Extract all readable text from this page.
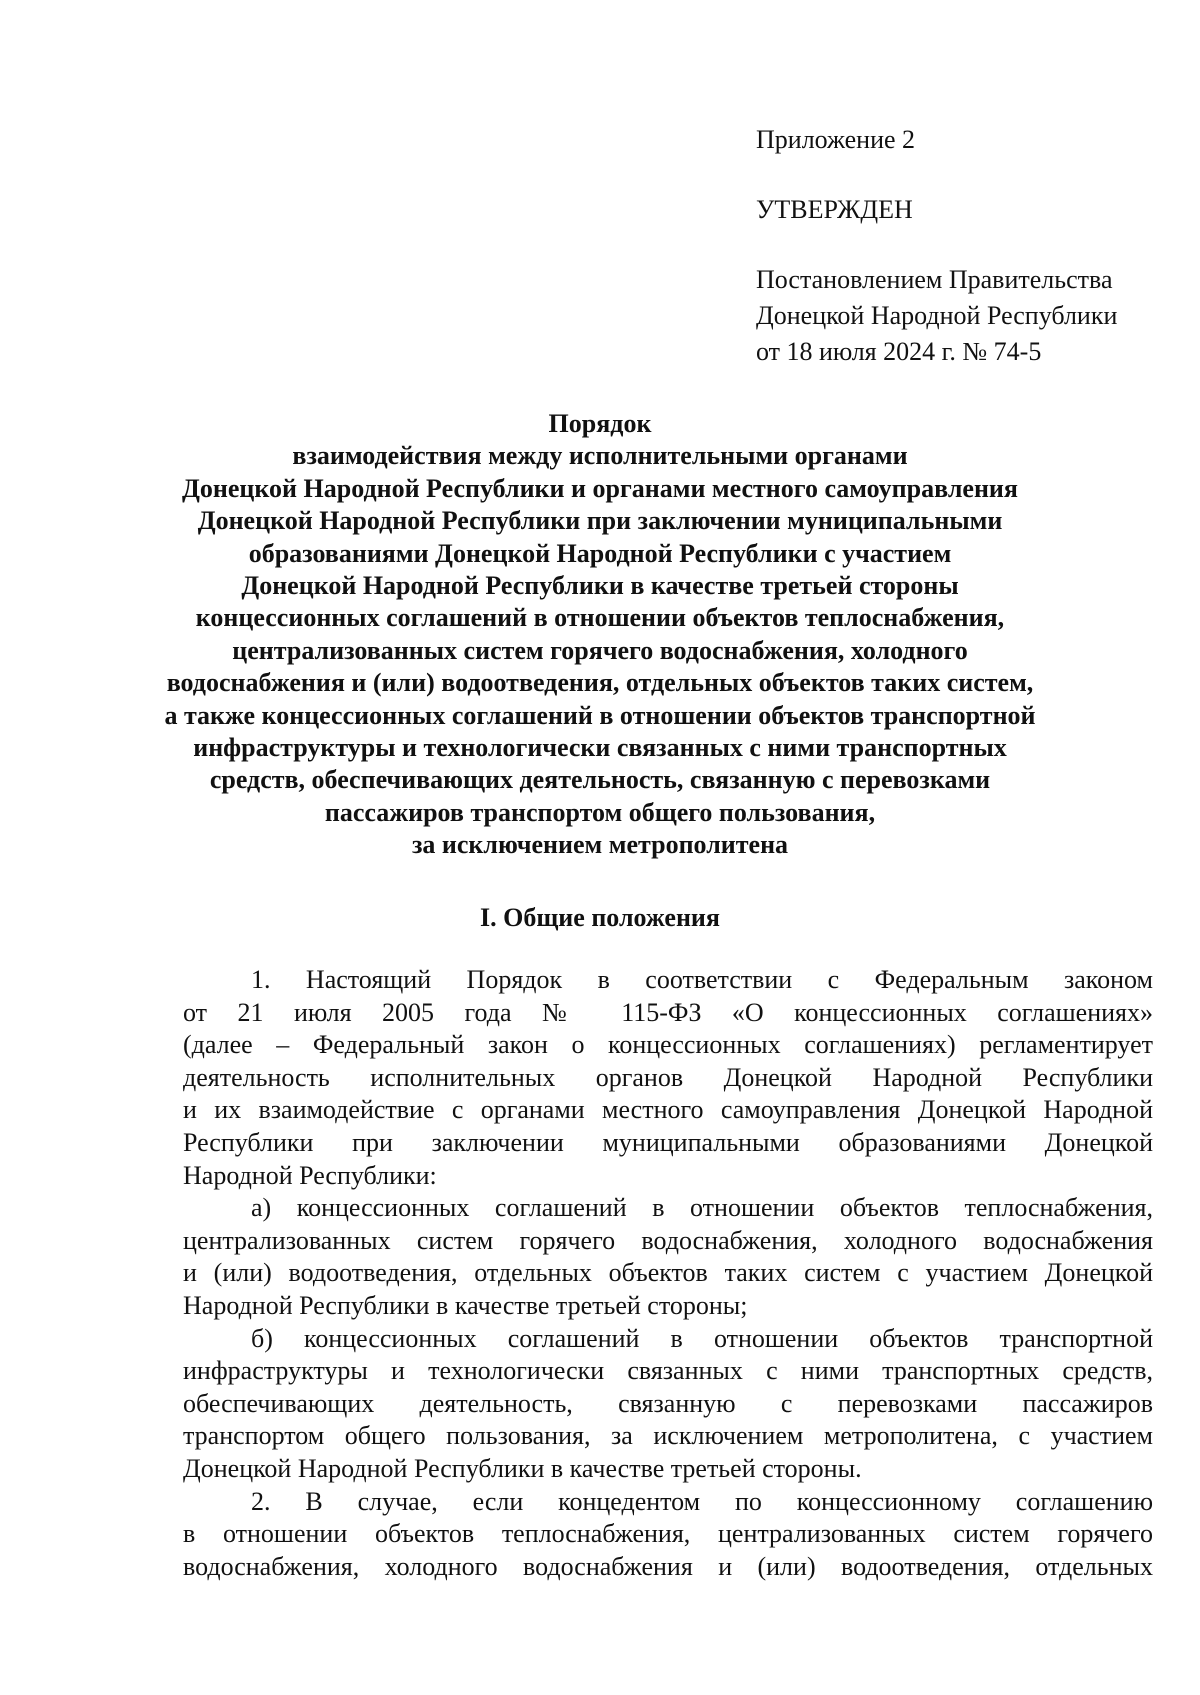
Приложение 2
УТВЕРЖДЕН
Постановлением Правительства
Донецкой Народной Республики
от 18 июля 2024 г. № 74-5
Порядок
взаимодействия между исполнительными органами
Донецкой Народной Республики и органами местного самоуправления
Донецкой Народной Республики при заключении муниципальными
образованиями Донецкой Народной Республики с участием
Донецкой Народной Республики в качестве третьей стороны
концессионных соглашений в отношении объектов теплоснабжения,
централизованных систем горячего водоснабжения, холодного
водоснабжения и (или) водоотведения, отдельных объектов таких систем,
а также концессионных соглашений в отношении объектов транспортной
инфраструктуры и технологически связанных с ними транспортных
средств, обеспечивающих деятельность, связанную с перевозками
пассажиров транспортом общего пользования,
за исключением метрополитена
I. Общие положения
1. Настоящий Порядок в соответствии с Федеральным законом
от 21 июля 2005 года № 115-ФЗ «О концессионных соглашениях»
(далее – Федеральный закон о концессионных соглашениях) регламентирует
деятельность исполнительных органов Донецкой Народной Республики
и их взаимодействие с органами местного самоуправления Донецкой Народной
Республики при заключении муниципальными образованиями Донецкой
Народной Республики:
а) концессионных соглашений в отношении объектов теплоснабжения,
централизованных систем горячего водоснабжения, холодного водоснабжения
и (или) водоотведения, отдельных объектов таких систем с участием Донецкой
Народной Республики в качестве третьей стороны;
б) концессионных соглашений в отношении объектов транспортной
инфраструктуры и технологически связанных с ними транспортных средств,
обеспечивающих деятельность, связанную с перевозками пассажиров
транспортом общего пользования, за исключением метрополитена, с участием
Донецкой Народной Республики в качестве третьей стороны.
2. В случае, если концедентом по концессионному соглашению
в отношении объектов теплоснабжения, централизованных систем горячего
водоснабжения, холодного водоснабжения и (или) водоотведения, отдельных
